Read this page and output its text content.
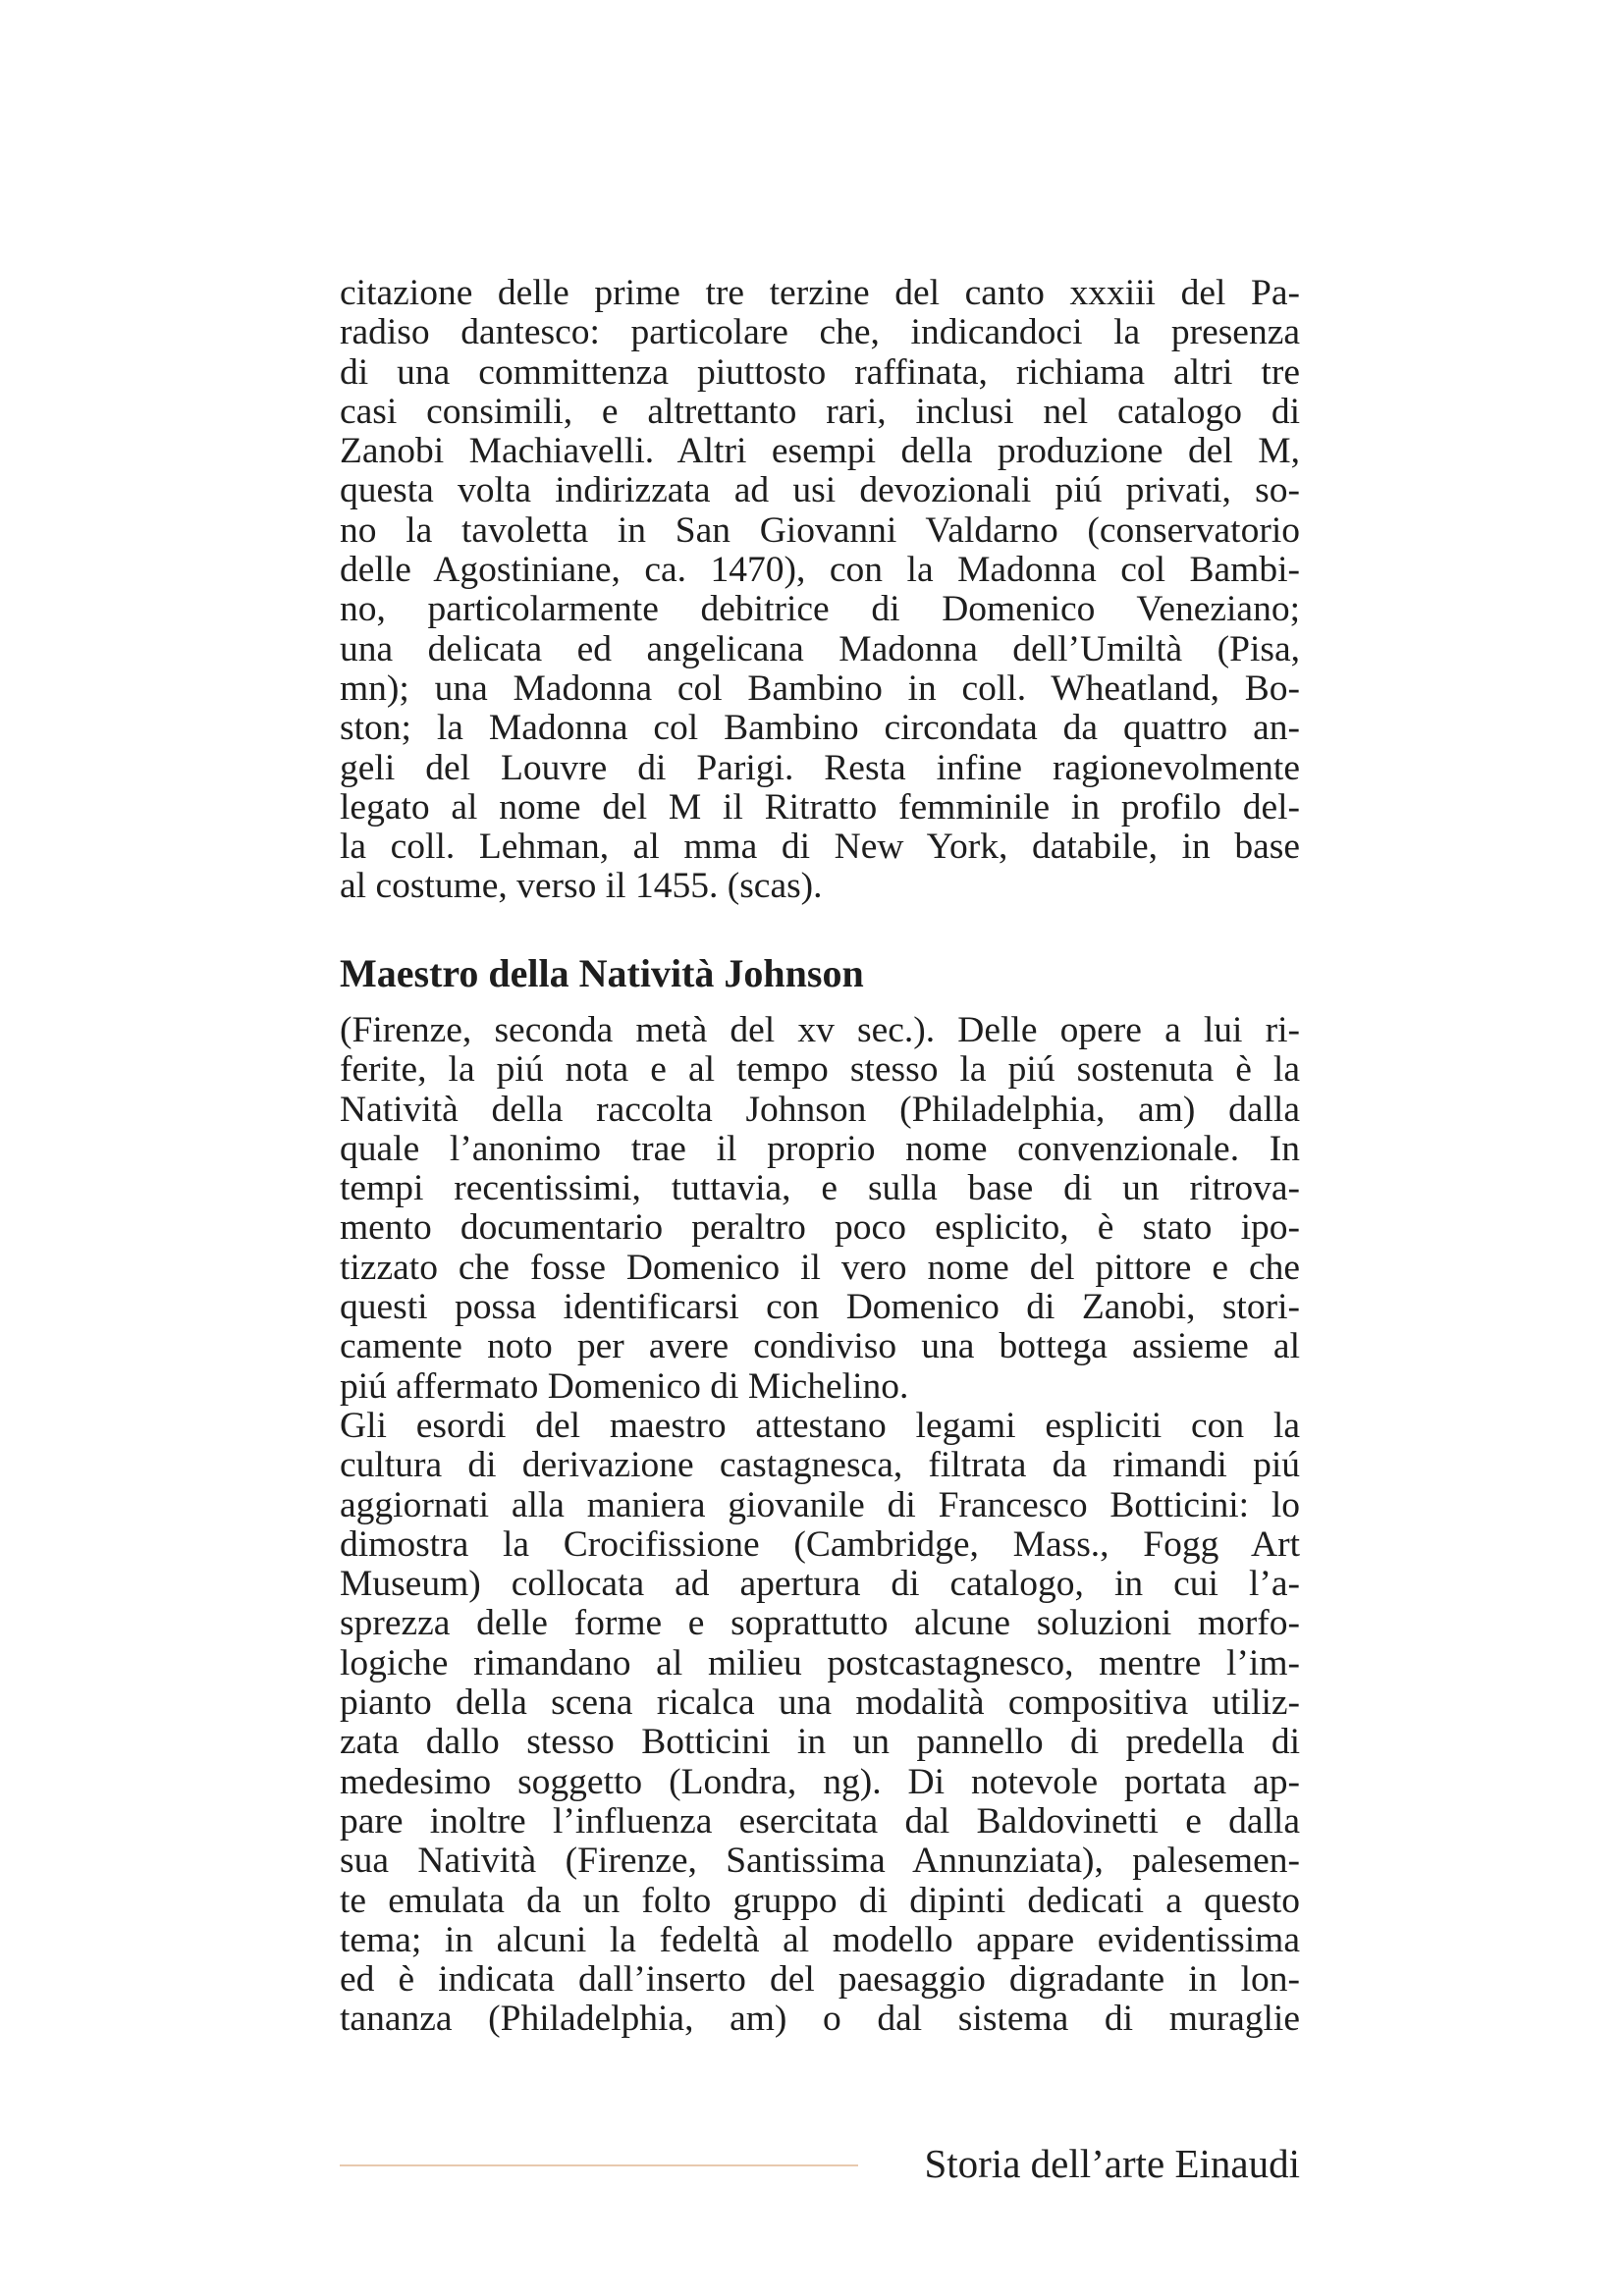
citazione delle prime tre terzine del canto xxxiii del Pa-
radiso dantesco: particolare che, indicandoci la presenza
di una committenza piuttosto raffinata, richiama altri tre
casi consimili, e altrettanto rari, inclusi nel catalogo di
Zanobi Machiavelli. Altri esempi della produzione del M,
questa volta indirizzata ad usi devozionali piú privati, so-
no la tavoletta in San Giovanni Valdarno (conservatorio
delle Agostiniane, ca. 1470), con la Madonna col Bambi-
no, particolarmente debitrice di Domenico Veneziano;
una delicata ed angelicana Madonna dell’Umiltà (Pisa,
mn); una Madonna col Bambino in coll. Wheatland, Bo-
ston; la Madonna col Bambino circondata da quattro an-
geli del Louvre di Parigi. Resta infine ragionevolmente
legato al nome del M il Ritratto femminile in profilo del-
la coll. Lehman, al mma di New York, databile, in base
al costume, verso il 1455. (scas).
Maestro della Natività Johnson
(Firenze, seconda metà del xv sec.). Delle opere a lui ri-
ferite, la piú nota e al tempo stesso la piú sostenuta è la
Natività della raccolta Johnson (Philadelphia, am) dalla
quale l’anonimo trae il proprio nome convenzionale. In
tempi recentissimi, tuttavia, e sulla base di un ritrova-
mento documentario peraltro poco esplicito, è stato ipo-
tizzato che fosse Domenico il vero nome del pittore e che
questi possa identificarsi con Domenico di Zanobi, stori-
camente noto per avere condiviso una bottega assieme al
piú affermato Domenico di Michelino.
Gli esordi del maestro attestano legami espliciti con la
cultura di derivazione castagnesca, filtrata da rimandi piú
aggiornati alla maniera giovanile di Francesco Botticini: lo
dimostra la Crocifissione (Cambridge, Mass., Fogg Art
Museum) collocata ad apertura di catalogo, in cui l’a-
sprezza delle forme e soprattutto alcune soluzioni morfo-
logiche rimandano al milieu postcastagnesco, mentre l’im-
pianto della scena ricalca una modalità compositiva utiliz-
zata dallo stesso Botticini in un pannello di predella di
medesimo soggetto (Londra, ng). Di notevole portata ap-
pare inoltre l’influenza esercitata dal Baldovinetti e dalla
sua Natività (Firenze, Santissima Annunziata), palesemen-
te emulata da un folto gruppo di dipinti dedicati a questo
tema; in alcuni la fedeltà al modello appare evidentissima
ed è indicata dall’inserto del paesaggio digradante in lon-
tananza (Philadelphia, am) o dal sistema di muraglie
Storia dell’arte Einaudi
